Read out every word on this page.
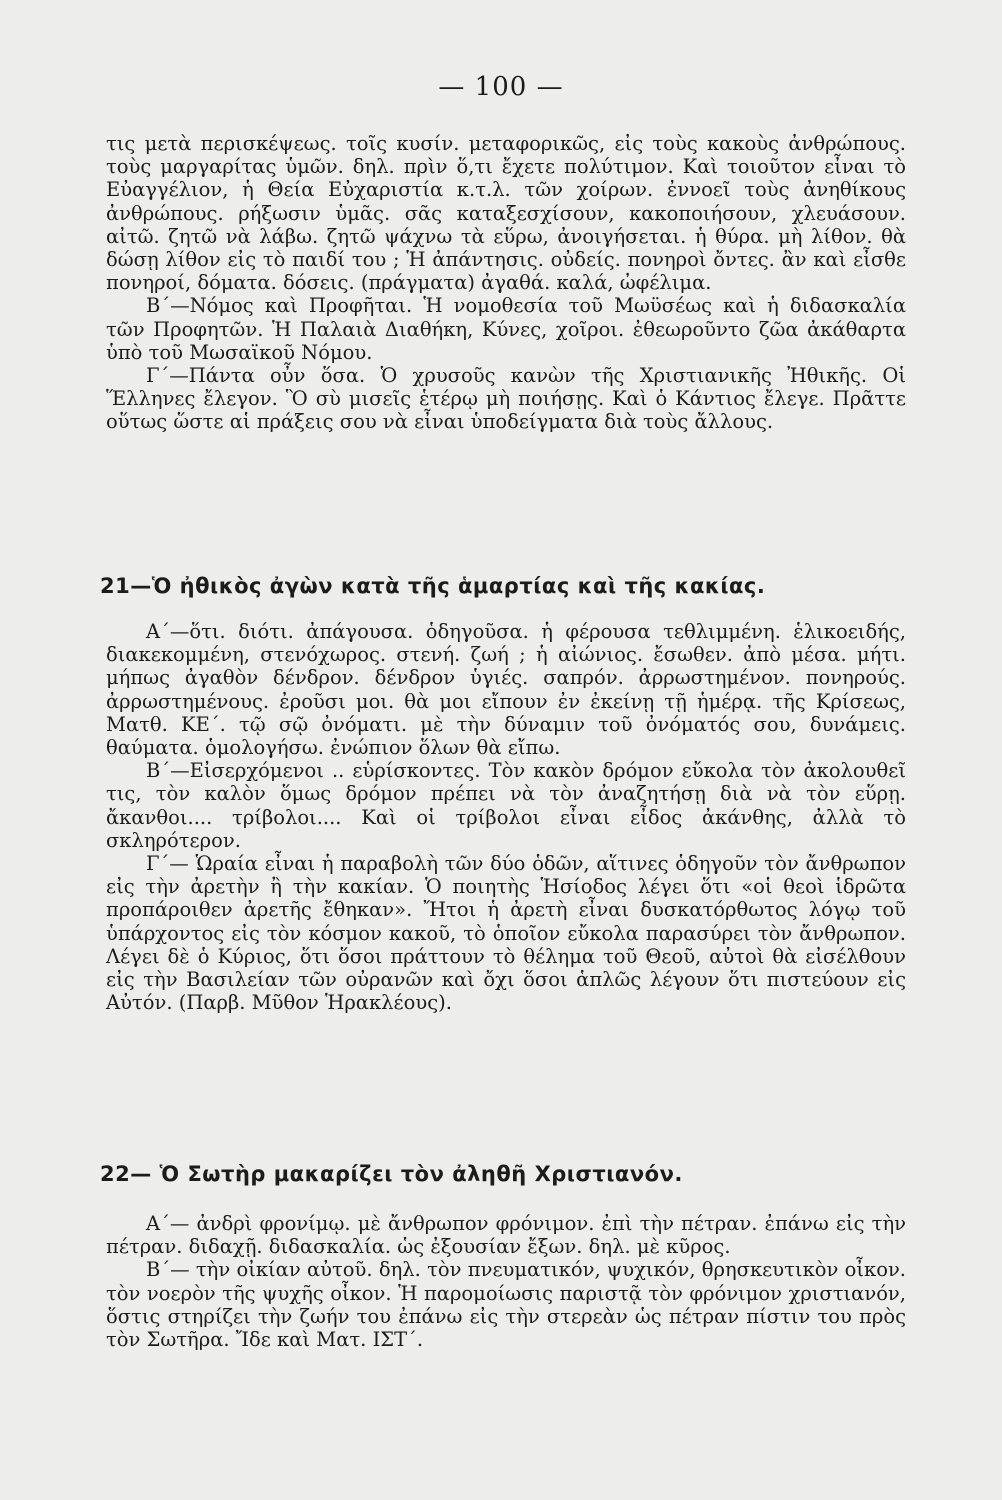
— 100 —

τις μετὰ περισκέψεως. τοῖς κυσίν. μεταφορικῶς, εἰς τοὺς κακοὺς ἀνθρώπους. τοὺς μαργαρίτας ὑμῶν. δηλ. πρὶν ὅ,τι ἔχετε πολύτιμον. Καὶ τοιοῦτον εἶναι τὸ Εὐαγγέλιον, ἡ Θεία Εὐχαριστία κ.τ.λ. τῶν χοίρων. ἐννοεῖ τοὺς ἀνηθίκους ἀνθρώπους. ρήξωσιν ὑμᾶς. σᾶς καταξεσχίσουν, κακοποιήσουν, χλευάσουν. αἰτῶ. ζητῶ νὰ λάβω. ζητῶ ψάχνω τὰ εὕρω, ἀνοιγήσεται. ἡ θύρα. μὴ λίθον. θὰ δώσῃ λίθον εἰς τὸ παιδί του ; Ἡ ἀπάντησις. οὐδείς. πονηροὶ ὄντες. ἂν καὶ εἶσθε πονηροί, δόματα. δόσεις. (πράγματα) ἀγαθά. καλά, ὠφέλιμα.

Β΄—Νόμος καὶ Προφῆται. Ἡ νομοθεσία τοῦ Μωϋσέως καὶ ἡ διδασκαλία τῶν Προφητῶν. Ἡ Παλαιὰ Διαθήκη, Κύνες, χοῖροι. ἐθεωροῦντο ζῶα ἀκάθαρτα ὑπὸ τοῦ Μωσαϊκοῦ Νόμου.

Γ΄—Πάντα οὖν ὅσα. Ὁ χρυσοῦς κανὼν τῆς Χριστιανικῆς Ἠθικῆς. Οἱ Ἕλληνες ἔλεγον. Ὃ σὺ μισεῖς ἑτέρῳ μὴ ποιήσῃς. Καὶ ὁ Κάντιος ἔλεγε. Πρᾶττε οὕτως ὥστε αἱ πράξεις σου νὰ εἶναι ὑποδείγματα διὰ τοὺς ἄλλους.

21—Ὁ ἠθικὸς ἀγὼν κατὰ τῆς ἁμαρτίας καὶ τῆς κακίας.

Α΄—ὅτι. διότι. ἀπάγουσα. ὁδηγοῦσα. ἡ φέρουσα τεθλιμμένη. ἑλικοειδής, διακεκομμένη, στενόχωρος. στενή. ζωή ; ἡ αἰώνιος. ἔσωθεν. ἀπὸ μέσα. μήτι. μήπως ἀγαθὸν δένδρον. δένδρον ὑγιές. σαπρόν. ἀρρωστημένον. πονηρούς. ἀρρωστημένους. ἐροῦσι μοι. θὰ μοι εἴπουν ἐν ἐκείνῃ τῇ ἡμέρᾳ. τῆς Κρίσεως, Ματθ. ΚΕ΄. τῷ σῷ ὀνόματι. μὲ τὴν δύναμιν τοῦ ὀνόματός σου, δυνάμεις. θαύματα. ὁμολογήσω. ἐνώπιον ὅλων θὰ εἴπω.

Β΄—Εἰσερχόμενοι .. εὑρίσκοντες. Τὸν κακὸν δρόμον εὔκολα τὸν ἀκολουθεῖ τις, τὸν καλὸν ὅμως δρόμον πρέπει νὰ τὸν ἀναζητήσῃ διὰ νὰ τὸν εὕρῃ. ἄκανθοι.... τρίβολοι.... Καὶ οἱ τρίβολοι εἶναι εἶδος ἀκάνθης, ἀλλὰ τὸ σκληρότερον.

Γ΄— Ὡραία εἶναι ἡ παραβολὴ τῶν δύο ὁδῶν, αἵτινες ὁδηγοῦν τὸν ἄνθρωπον εἰς τὴν ἀρετὴν ἢ τὴν κακίαν. Ὁ ποιητὴς Ἡσίοδος λέγει ὅτι «οἱ θεοὶ ἱδρῶτα προπάροιθεν ἀρετῆς ἔθηκαν». Ἤτοι ἡ ἀρετὴ εἶναι δυσκατόρθωτος λόγῳ τοῦ ὑπάρχοντος εἰς τὸν κόσμον κακοῦ, τὸ ὁποῖον εὔκολα παρασύρει τὸν ἄνθρωπον. Λέγει δὲ ὁ Κύριος, ὅτι ὅσοι πράττουν τὸ θέλημα τοῦ Θεοῦ, αὐτοὶ θὰ εἰσέλθουν εἰς τὴν Βασιλείαν τῶν οὐρανῶν καὶ ὄχι ὅσοι ἁπλῶς λέγουν ὅτι πιστεύουν εἰς Αὐτόν. (Παρβ. Μῦθον Ἡρακλέους).

22— Ὁ Σωτὴρ μακαρίζει τὸν ἀληθῆ Χριστιανόν.

Α΄— ἀνδρὶ φρονίμῳ. μὲ ἄνθρωπον φρόνιμον. ἐπὶ τὴν πέτραν. ἐπάνω εἰς τὴν πέτραν. διδαχῇ. διδασκαλία. ὡς ἐξουσίαν ἔξων. δηλ. μὲ κῦρος.

Β΄— τὴν οἰκίαν αὐτοῦ. δηλ. τὸν πνευματικόν, ψυχικόν, θρησκευτικὸν οἶκον. τὸν νοερὸν τῆς ψυχῆς οἶκον. Ἡ παρομοίωσις παριστᾷ τὸν φρόνιμον χριστιανόν, ὅστις στηρίζει τὴν ζωήν του ἐπάνω εἰς τὴν στερεὰν ὡς πέτραν πίστιν του πρὸς τὸν Σωτῆρα. Ἴδε καὶ Ματ. ΙΣΤ΄.
